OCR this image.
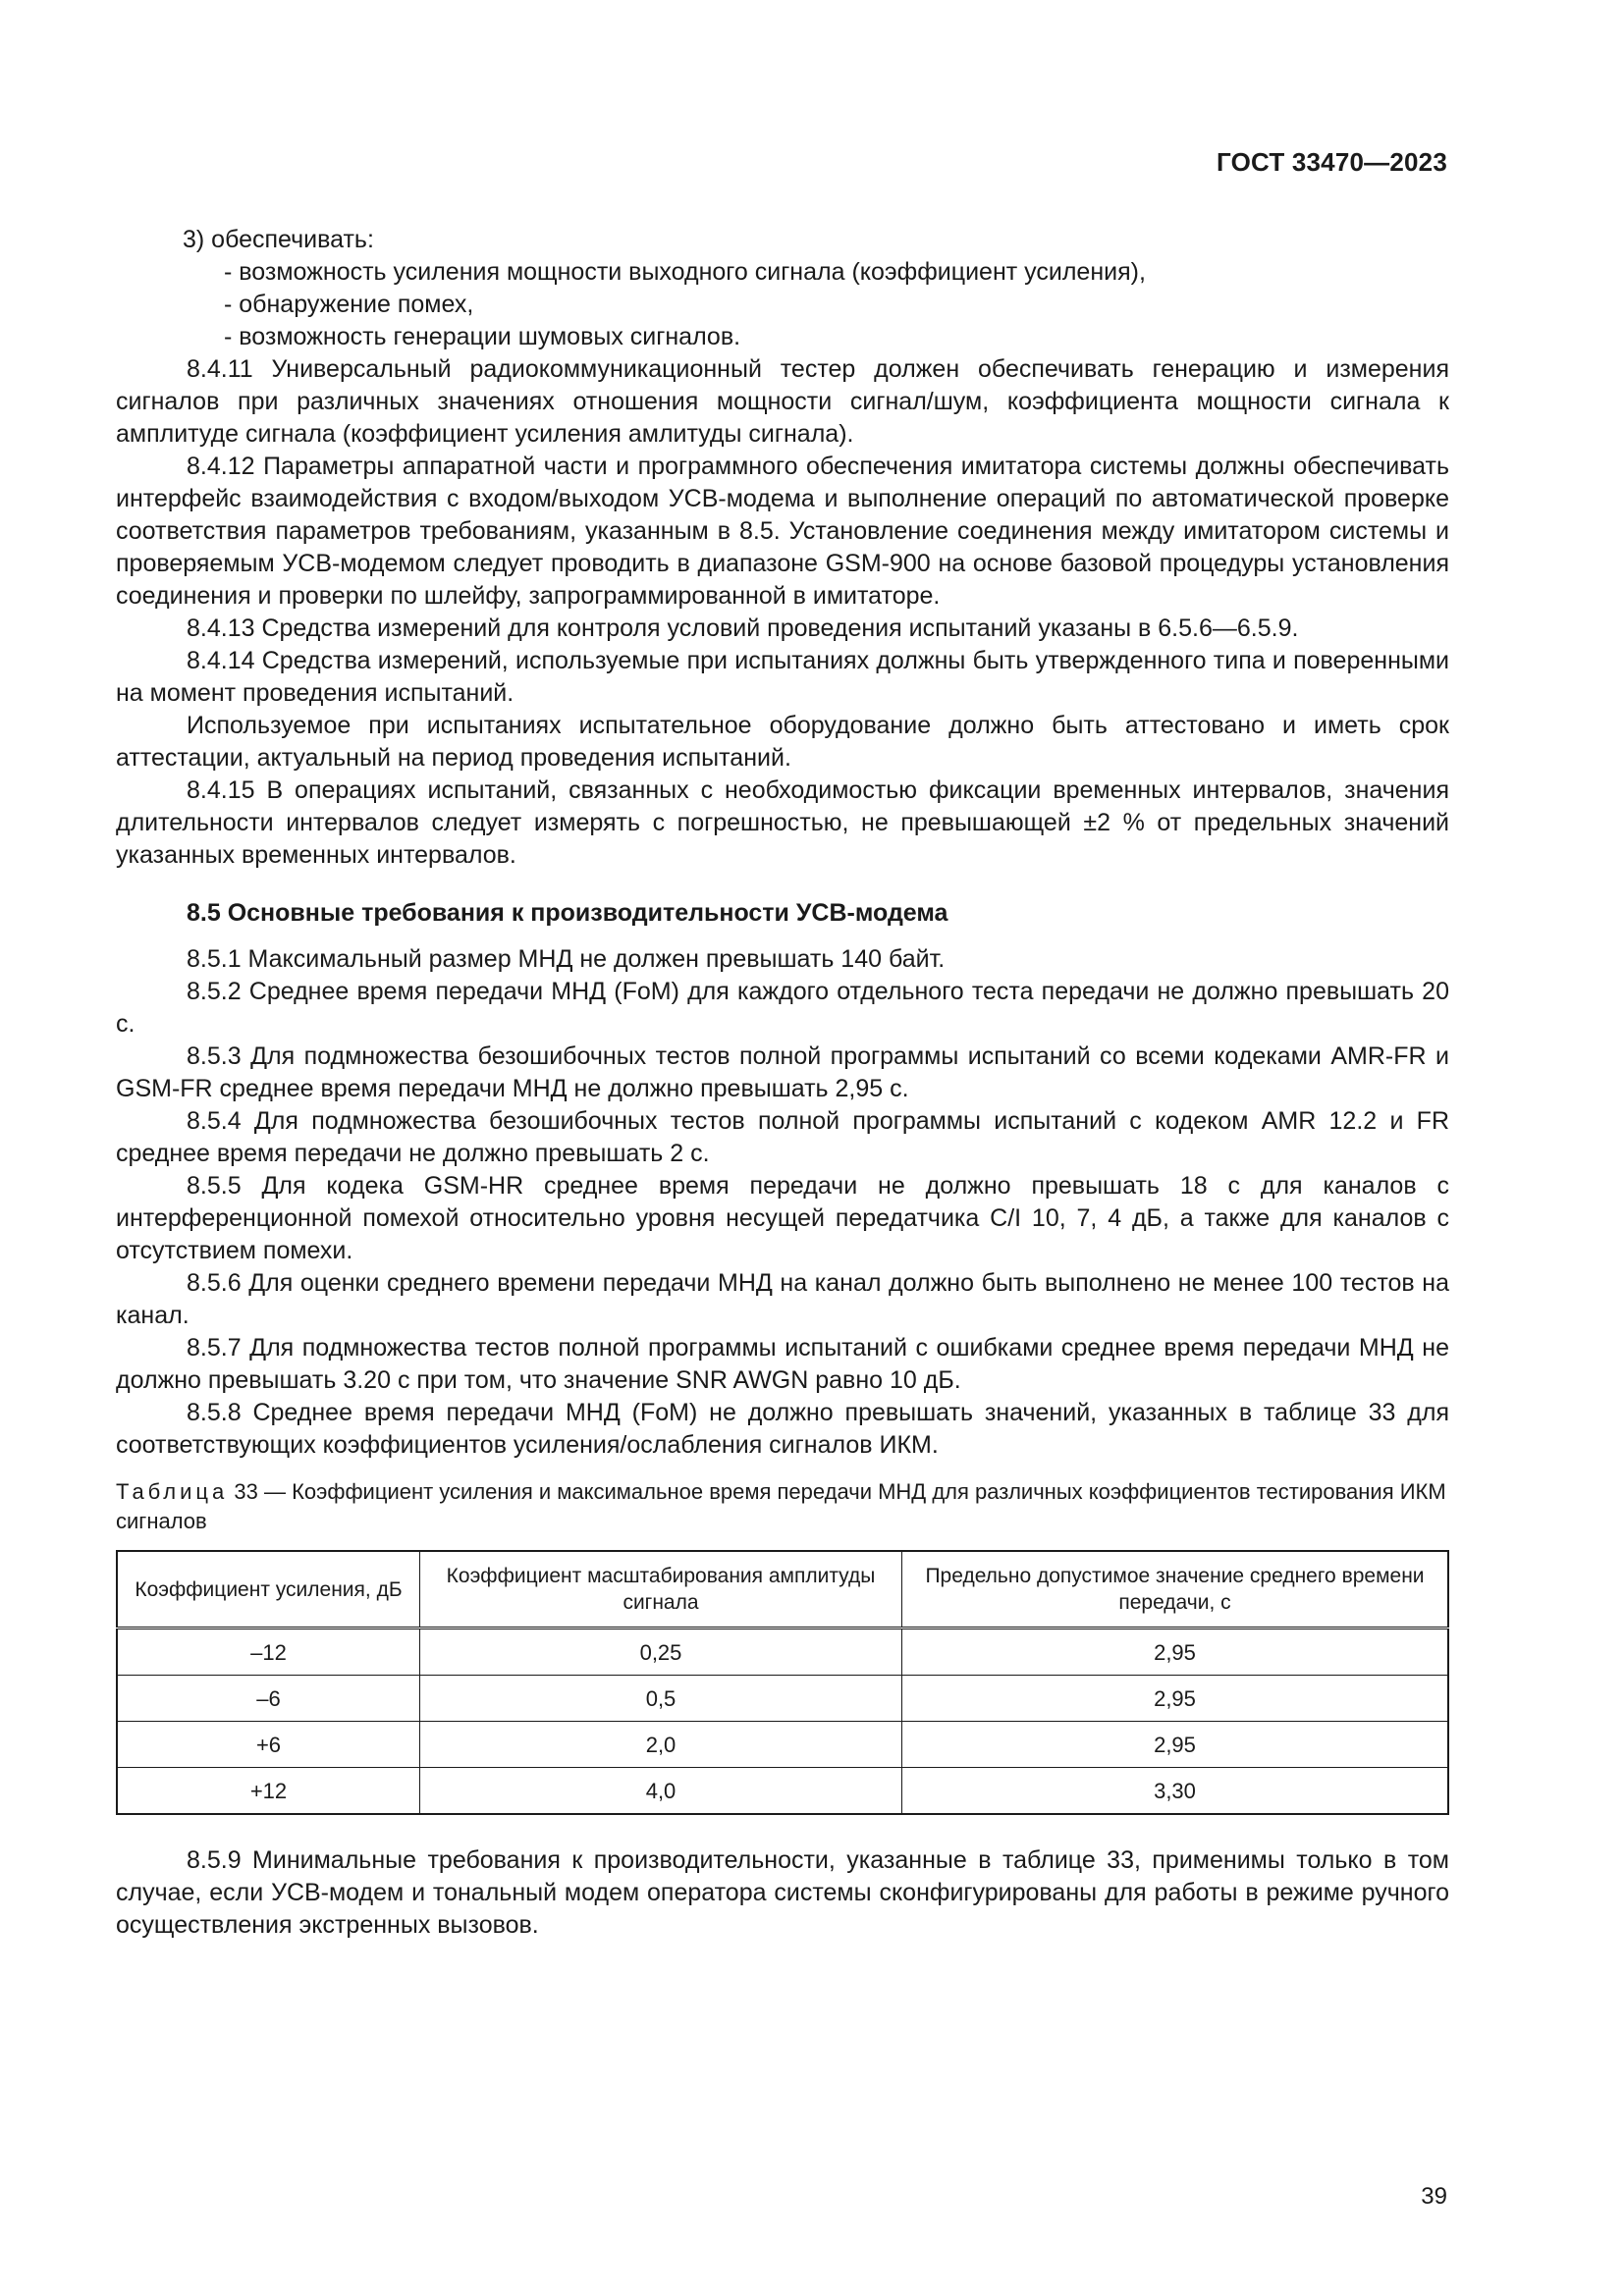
ГОСТ 33470—2023

3) обеспечивать:

- возможность усиления мощности выходного сигнала (коэффициент усиления),

- обнаружение помех,

- возможность генерации шумовых сигналов.

8.4.11 Универсальный радиокоммуникационный тестер должен обеспечивать генерацию и измерения сигналов при различных значениях отношения мощности сигнал/шум, коэффициента мощности сигнала к амплитуде сигнала (коэффициент усиления амлитуды сигнала).

8.4.12 Параметры аппаратной части и программного обеспечения имитатора системы должны обеспечивать интерфейс взаимодействия с входом/выходом УСВ-модема и выполнение операций по автоматической проверке соответствия параметров требованиям, указанным в 8.5. Установление соединения между имитатором системы и проверяемым УСВ-модемом следует проводить в диапазоне GSM-900 на основе базовой процедуры установления соединения и проверки по шлейфу, запрограммированной в имитаторе.

8.4.13 Средства измерений для контроля условий проведения испытаний указаны в 6.5.6—6.5.9.

8.4.14 Средства измерений, используемые при испытаниях должны быть утвержденного типа и поверенными на момент проведения испытаний.

Используемое при испытаниях испытательное оборудование должно быть аттестовано и иметь срок аттестации, актуальный на период проведения испытаний.

8.4.15 В операциях испытаний, связанных с необходимостью фиксации временных интервалов, значения длительности интервалов следует измерять с погрешностью, не превышающей ±2 % от предельных значений указанных временных интервалов.

8.5 Основные требования к производительности УСВ-модема

8.5.1 Максимальный размер МНД не должен превышать 140 байт.

8.5.2 Среднее время передачи МНД (FoM) для каждого отдельного теста передачи не должно превышать 20 с.

8.5.3 Для подмножества безошибочных тестов полной программы испытаний со всеми кодеками AMR-FR и GSM-FR среднее время передачи МНД не должно превышать 2,95 с.

8.5.4 Для подмножества безошибочных тестов полной программы испытаний с кодеком AMR 12.2 и FR среднее время передачи не должно превышать 2 с.

8.5.5 Для кодека GSM-HR среднее время передачи не должно превышать 18 с для каналов с интерференционной помехой относительно уровня несущей передатчика C/I 10, 7, 4 дБ, а также для каналов с отсутствием помехи.

8.5.6 Для оценки среднего времени передачи МНД на канал должно быть выполнено не менее 100 тестов на канал.

8.5.7 Для подмножества тестов полной программы испытаний с ошибками среднее время передачи МНД не должно превышать 3.20 с при том, что значение SNR AWGN равно 10 дБ.

8.5.8 Среднее время передачи МНД (FoM) не должно превышать значений, указанных в таблице 33 для соответствующих коэффициентов усиления/ослабления сигналов ИКМ.

Таблица 33 — Коэффициент усиления и максимальное время передачи МНД для различных коэффициентов тестирования ИКМ сигналов

Коэффициент усиления, дБ	Коэффициент масштабирования амплитуды сигнала	Предельно допустимое значение среднего времени передачи, с
–12	0,25	2,95
–6	0,5	2,95
+6	2,0	2,95
+12	4,0	3,30

8.5.9 Минимальные требования к производительности, указанные в таблице 33, применимы только в том случае, если УСВ-модем и тональный модем оператора системы сконфигурированы для работы в режиме ручного осуществления экстренных вызовов.

39
